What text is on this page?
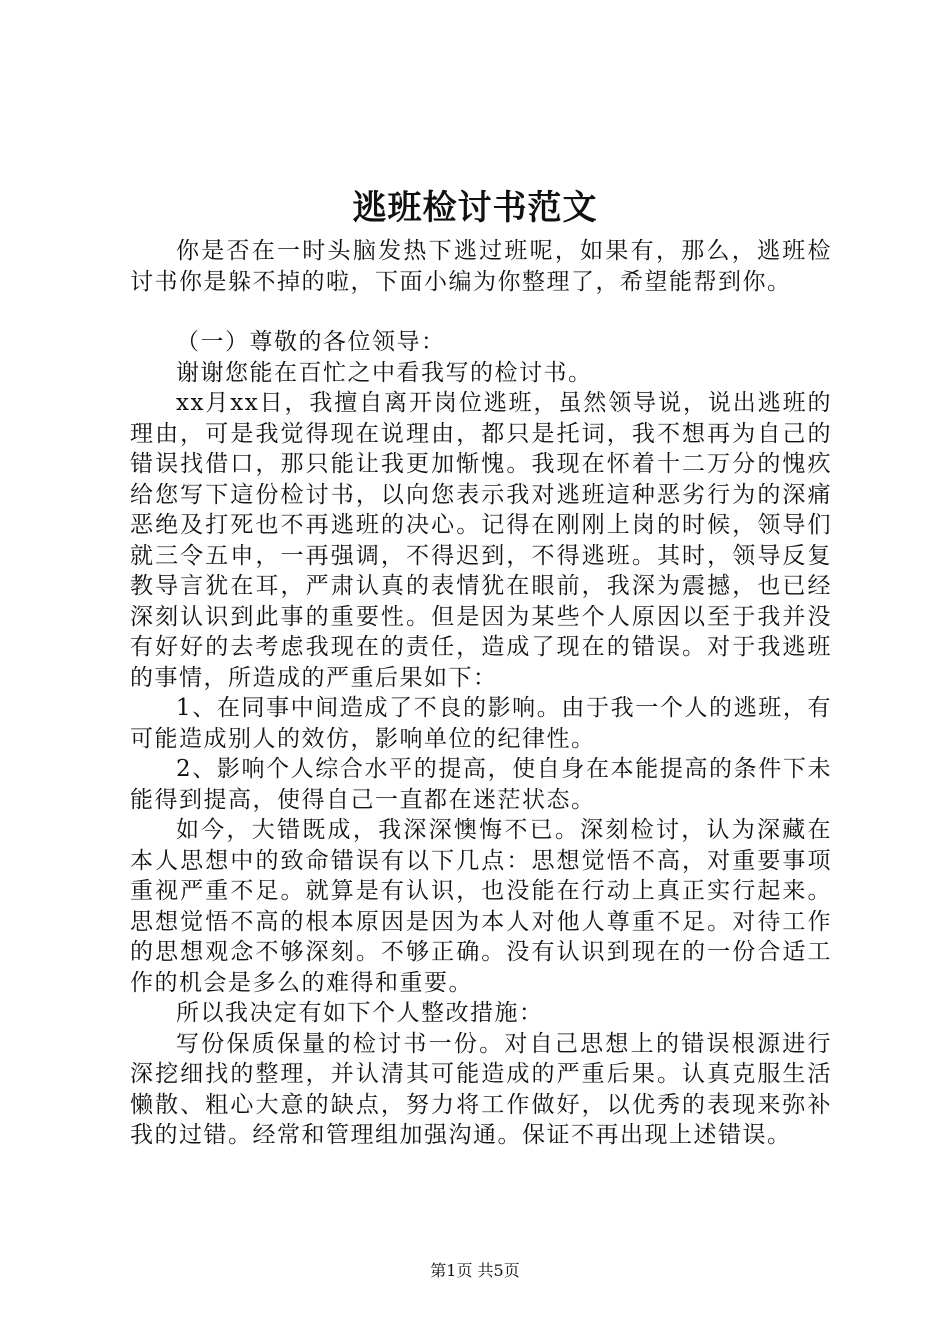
逃班检讨书范文

你是否在一时头脑发热下逃过班呢，如果有，那么，逃班检讨书你是躲不掉的啦，下面小编为你整理了，希望能帮到你。

（一）尊敬的各位领导：

谢谢您能在百忙之中看我写的检讨书。

xx月xx日，我擅自离开岗位逃班，虽然领导说，说出逃班的理由，可是我觉得现在说理由，都只是托词，我不想再为自己的错误找借口，那只能让我更加惭愧。我现在怀着十二万分的愧疚给您写下這份检讨书，以向您表示我对逃班這种恶劣行为的深痛恶绝及打死也不再逃班的决心。记得在刚刚上岗的时候，领导们就三令五申，一再强调，不得迟到，不得逃班。其时，领导反复教导言犹在耳，严肃认真的表情犹在眼前，我深为震撼，也已经深刻认识到此事的重要性。但是因为某些个人原因以至于我并没有好好的去考虑我现在的责任，造成了现在的错误。对于我逃班的事情，所造成的严重后果如下：

1、在同事中间造成了不良的影响。由于我一个人的逃班，有可能造成别人的效仿，影响单位的纪律性。

2、影响个人综合水平的提高，使自身在本能提高的条件下未能得到提高，使得自己一直都在迷茫状态。

如今，大错既成，我深深懊悔不已。深刻检讨，认为深藏在本人思想中的致命错误有以下几点：思想觉悟不高，对重要事项重视严重不足。就算是有认识，也没能在行动上真正实行起来。思想觉悟不高的根本原因是因为本人对他人尊重不足。对待工作的思想观念不够深刻。不够正确。没有认识到现在的一份合适工作的机会是多么的难得和重要。

所以我决定有如下个人整改措施：

写份保质保量的检讨书一份。对自己思想上的错误根源进行深挖细找的整理，并认清其可能造成的严重后果。认真克服生活懒散、粗心大意的缺点，努力将工作做好，以优秀的表现来弥补我的过错。经常和管理组加强沟通。保证不再出现上述错误。

第1页 共5页
